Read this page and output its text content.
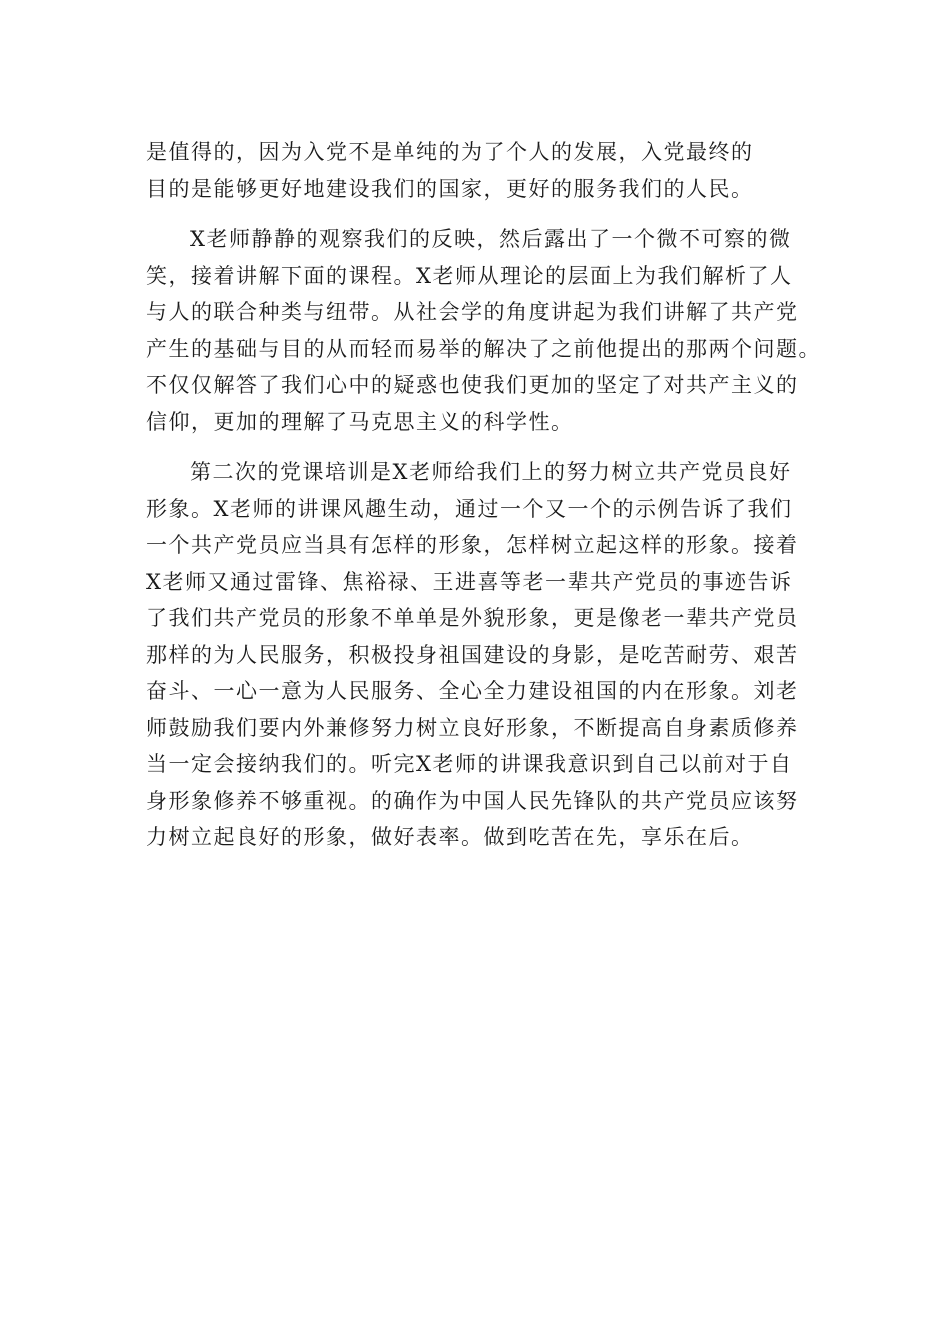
是值得的，因为入党不是单纯的为了个人的发展，入党最终的
目的是能够更好地建设我们的国家，更好的服务我们的人民。

X老师静静的观察我们的反映，然后露出了一个微不可察的微
笑，接着讲解下面的课程。X老师从理论的层面上为我们解析了人
与人的联合种类与纽带。从社会学的角度讲起为我们讲解了共产党
产生的基础与目的从而轻而易举的解决了之前他提出的那两个问题。
不仅仅解答了我们心中的疑惑也使我们更加的坚定了对共产主义的
信仰，更加的理解了马克思主义的科学性。

第二次的党课培训是X老师给我们上的努力树立共产党员良好
形象。X老师的讲课风趣生动，通过一个又一个的示例告诉了我们
一个共产党员应当具有怎样的形象，怎样树立起这样的形象。接着
X老师又通过雷锋、焦裕禄、王进喜等老一辈共产党员的事迹告诉
了我们共产党员的形象不单单是外貌形象，更是像老一辈共产党员
那样的为人民服务，积极投身祖国建设的身影，是吃苦耐劳、艰苦
奋斗、一心一意为人民服务、全心全力建设祖国的内在形象。刘老
师鼓励我们要内外兼修努力树立良好形象，不断提高自身素质修养
当一定会接纳我们的。听完X老师的讲课我意识到自己以前对于自
身形象修养不够重视。的确作为中国人民先锋队的共产党员应该努
力树立起良好的形象，做好表率。做到吃苦在先，享乐在后。
